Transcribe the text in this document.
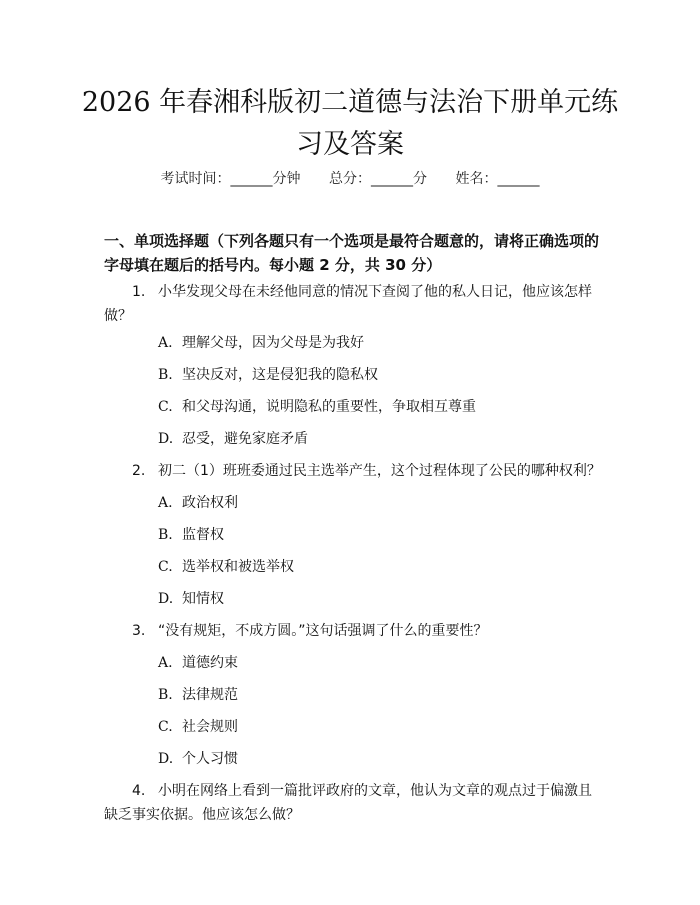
2026 年春湘科版初二道德与法治下册单元练
习及答案
考试时间：______分钟 总分：______分 姓名：______
一、单项选择题（下列各题只有一个选项是最符合题意的，请将正确选项的字母填在题后的括号内。每小题 2 分，共 30 分）
1. 小华发现父母在未经他同意的情况下查阅了他的私人日记，他应该怎样做？
A. 理解父母，因为父母是为我好
B. 坚决反对，这是侵犯我的隐私权
C. 和父母沟通，说明隐私的重要性，争取相互尊重
D. 忍受，避免家庭矛盾
2. 初二（1）班班委通过民主选举产生，这个过程体现了公民的哪种权利？
A. 政治权利
B. 监督权
C. 选举权和被选举权
D. 知情权
3. “没有规矩，不成方圆。”这句话强调了什么的重要性？
A. 道德约束
B. 法律规范
C. 社会规则
D. 个人习惯
4. 小明在网络上看到一篇批评政府的文章，他认为文章的观点过于偏激且缺乏事实依据。他应该怎么做？
